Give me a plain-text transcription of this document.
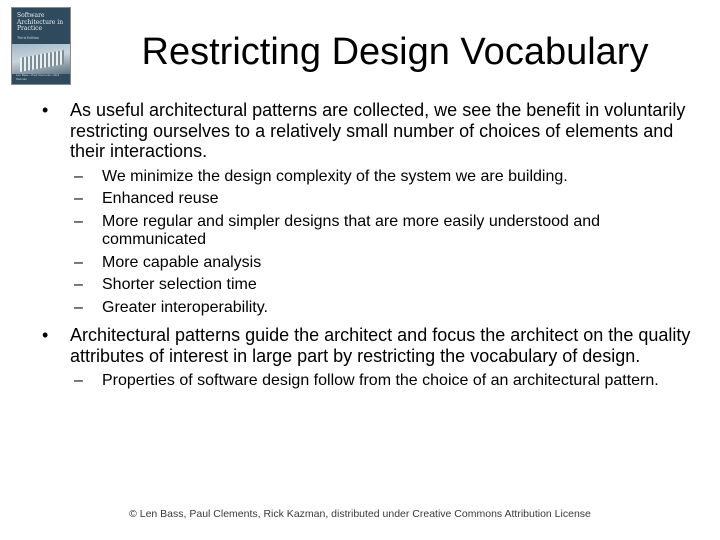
Software Architecture in Practice
Third Edition
Len Bass • Paul Clements • Rick Kazman
Restricting Design Vocabulary
• As useful architectural patterns are collected, we see the benefit in voluntarily restricting ourselves to a relatively small number of choices of elements and their interactions.
– We minimize the design complexity of the system we are building.
– Enhanced reuse
– More regular and simpler designs that are more easily understood and communicated
– More capable analysis
– Shorter selection time
– Greater interoperability.
• Architectural patterns guide the architect and focus the architect on the quality attributes of interest in large part by restricting the vocabulary of design.
– Properties of software design follow from the choice of an architectural pattern.
© Len Bass, Paul Clements, Rick Kazman, distributed under Creative Commons Attribution License
